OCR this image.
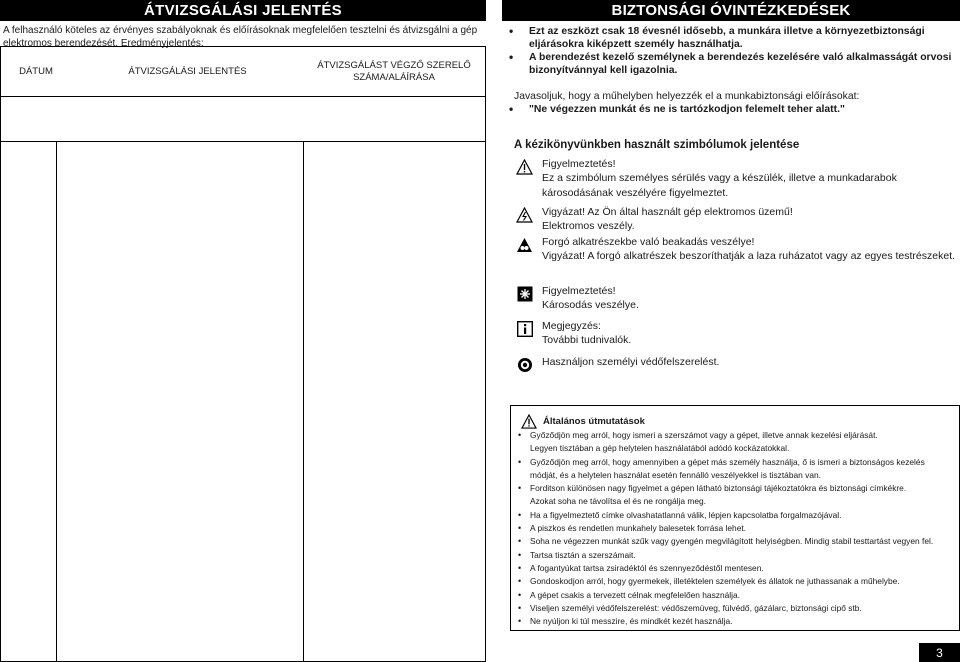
ÁTVIZSGÁLÁSI JELENTÉS
A felhasználó köteles az érvényes szabályoknak és előírásoknak megfelelően tesztelni és átvizsgálni a gép elektromos berendezését. Eredményjelentés:
DÁTUM	ÁTVIZSGÁLÁSI JELENTÉS
ÁTVIZSGÁLÁST VÉGZŐ SZERELŐ SZÁMA/ALÁÍRÁSA
BIZTONSÁGI ÓVINTÉZKEDÉSEK
• Ezt az eszközt csak 18 évesnél idősebb, a munkára illetve a környezetbiztonsági eljárásokra kiképzett személy használhatja.
• A berendezést kezelő személynek a berendezés kezelésére való alkalmasságát orvosi bizonyítvánnyal kell igazolnia.
Javasoljuk, hogy a műhelyben helyezzék el a munkabiztonsági előírásokat:
• "Ne végezzen munkát és ne is tartózkodjon felemelt teher alatt."
A kézikönyvünkben használt szimbólumok jelentése
Figyelmeztetés!
Ez a szimbólum személyes sérülés vagy a készülék, illetve a munkadarabok károsodásának veszélyére figyelmeztet.
Vigyázat! Az Ön által használt gép elektromos üzemű!
Elektromos veszély.
Forgó alkatrészekbe való beakadás veszélye!
Vigyázat! A forgó alkatrészek beszoríthatják a laza ruházatot vagy az egyes testrészeket.
Figyelmeztetés!
Károsodás veszélye.
Megjegyzés:
További tudnivalók.
Használjon személyi védőfelszerelést.
Általános útmutatások
• Győződjön meg arról, hogy ismeri a szerszámot vagy a gépet, illetve annak kezelési eljárását.
Legyen tisztában a gép helytelen használatából adódó kockázatokkal.
• Győződjön meg arról, hogy amennyiben a gépet más személy használja, ő is ismeri a biztonságos kezelés
módját, és a helytelen használat esetén fennálló veszélyekkel is tisztában van.
• Forditson különösen nagy figyelmet a gépen látható biztonsági tájékoztatókra és biztonsági címkékre.
Azokat soha ne távolítsa el és ne rongálja meg.
• Ha a figyelmeztető címke olvashatatlanná válik, lépjen kapcsolatba forgalmazójával.
• A piszkos és rendetlen munkahely balesetek forrása lehet.
• Soha ne végezzen munkát szűk vagy gyengén megvilágított helyiségben. Mindig stabil testtartást vegyen fel.
• Tartsa tisztán a szerszámait.
• A fogantyúkat tartsa zsiradéktól és szennyeződéstől mentesen.
• Gondoskodjon arról, hogy gyermekek, illetéktelen személyek és állatok ne juthassanak a műhelybe.
• A gépet csakis a tervezett célnak megfelelően használja.
• Viseljen személyi védőfelszerelést: védőszemüveg, fülvédő, gázálarc, biztonsági cipő stb.
• Ne nyúljon ki túl messzire, és mindkét kezét használja.
3
